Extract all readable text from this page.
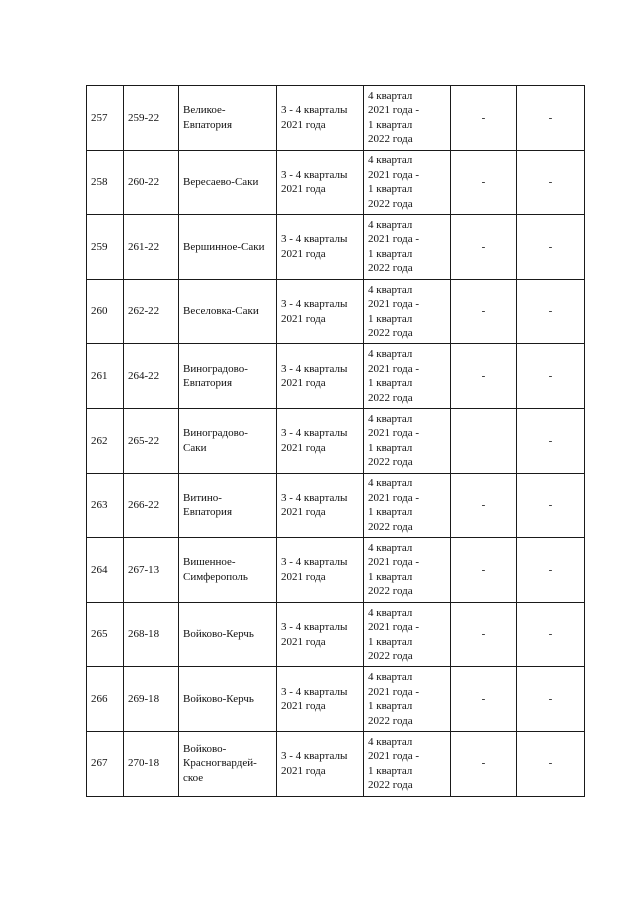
257	259-22	Великое-
Евпатория	3 - 4 кварталы
2021 года	4 квартал
2021 года -
1 квартал
2022 года	-	-
258	260-22	Вересаево-Саки	3 - 4 кварталы
2021 года	4 квартал
2021 года -
1 квартал
2022 года	-	-
259	261-22	Вершинное-Саки	3 - 4 кварталы
2021 года	4 квартал
2021 года -
1 квартал
2022 года	-	-
260	262-22	Веселовка-Саки	3 - 4 кварталы
2021 года	4 квартал
2021 года -
1 квартал
2022 года	-	-
261	264-22	Виноградово-
Евпатория	3 - 4 кварталы
2021 года	4 квартал
2021 года -
1 квартал
2022 года	-	-
262	265-22	Виноградово-
Саки	3 - 4 кварталы
2021 года	4 квартал
2021 года -
1 квартал
2022 года		-
263	266-22	Витино-
Евпатория	3 - 4 кварталы
2021 года	4 квартал
2021 года -
1 квартал
2022 года	-	-
264	267-13	Вишенное-
Симферополь	3 - 4 кварталы
2021 года	4 квартал
2021 года -
1 квартал
2022 года	-	-
265	268-18	Войково-Керчь	3 - 4 кварталы
2021 года	4 квартал
2021 года -
1 квартал
2022 года	-	-
266	269-18	Войково-Керчь	3 - 4 кварталы
2021 года	4 квартал
2021 года -
1 квартал
2022 года	-	-
267	270-18	Войково-
Красногвардей-
ское	3 - 4 кварталы
2021 года	4 квартал
2021 года -
1 квартал
2022 года	-	-
